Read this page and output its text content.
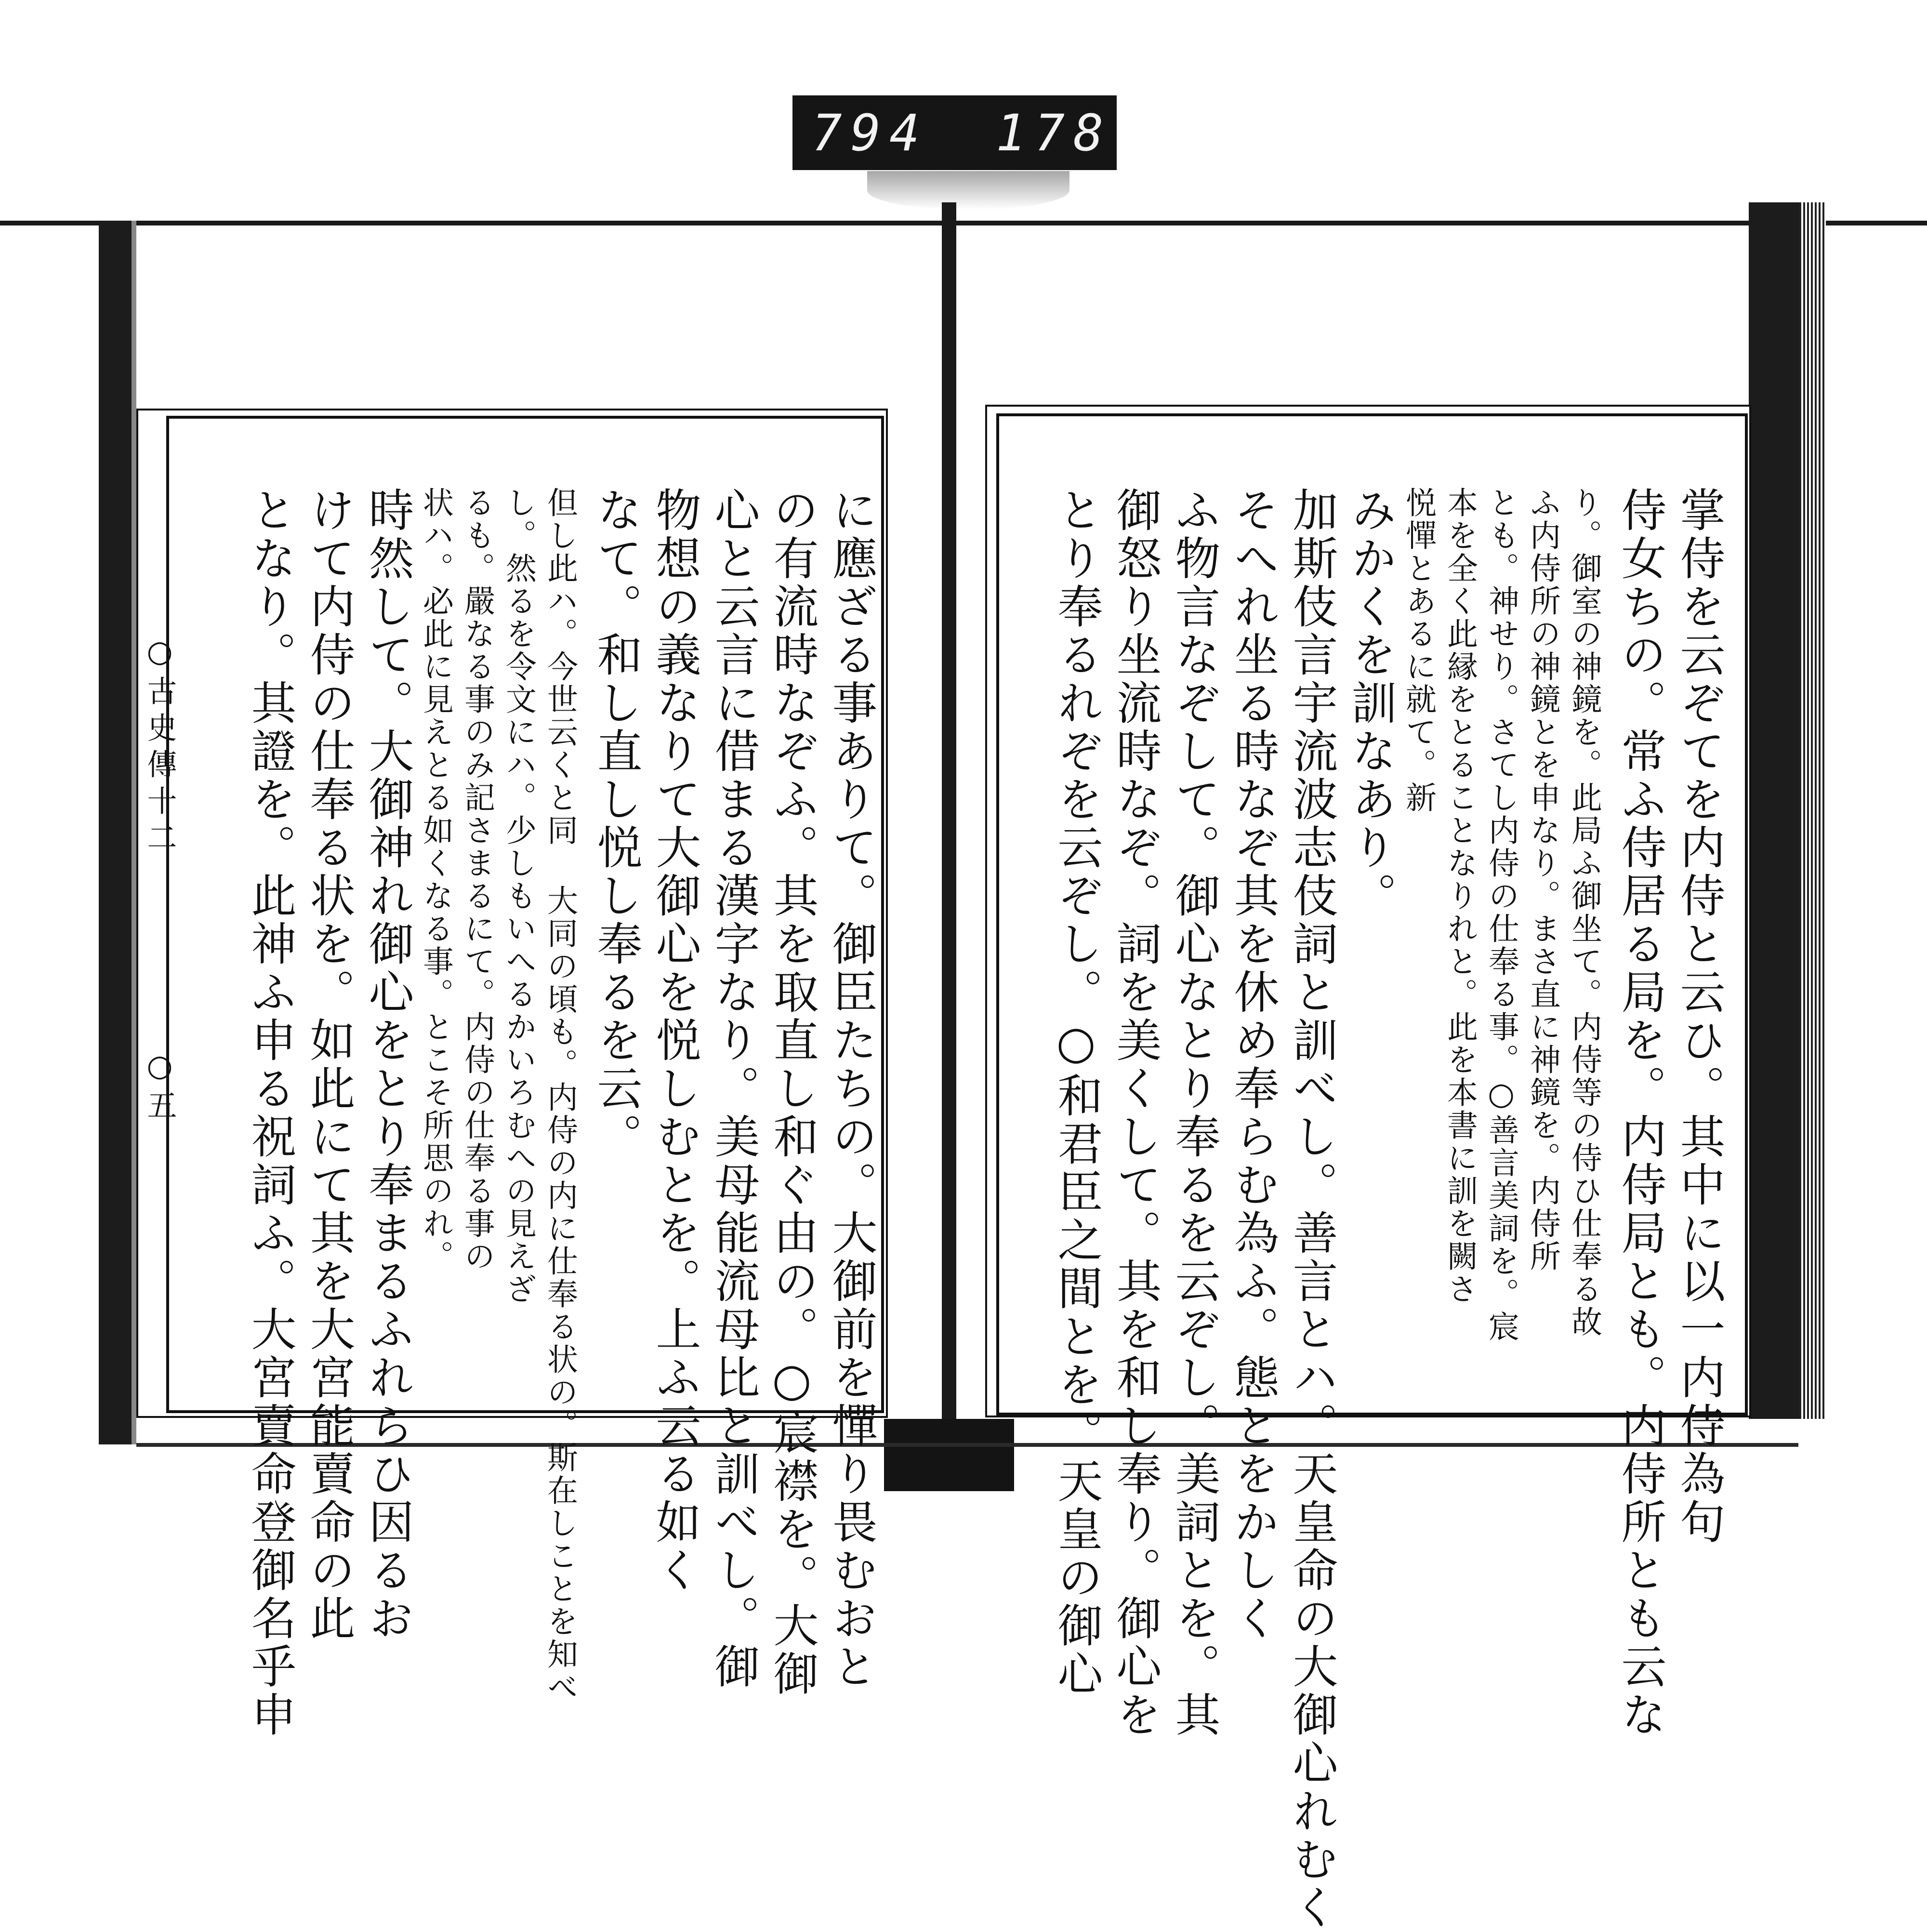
794 178
○古史傳十二
○五	に應ざる事ありて。御臣たちの。大御前を憚り畏むおと
の有流時なぞふ。其を取直し和ぐ由の。○宸襟を。大御
心と云言に借まる漢字なり。美母能流母比と訓べし。御
物想の義なりて大御心を悦しむとを。上ふ云る如く
なて。和し直し悦し奉るを云。
但し此ハ。今世云くと同 大同の頃も。内侍の内に仕奉る状の。斯在しことを知べ
し。然るを令文にハ。少しもいへるかいろむへの見えざ
るも。嚴なる事のみ記さまるにて。内侍の仕奉る事の
状ハ。必此に見えとる如くなる事。とこそ所思のれ。
時然して。大御神れ御心をとり奉まるふれらひ因るお
けて内侍の仕奉る状を。如此にて其を大宮能賣命の此
となり。其證を。此神ふ申る祝詞ふ。大宮賣命登御名乎申	掌侍を云ぞてを内侍と云ひ。其中に以一内侍為句
侍女ちの。常ふ侍居る局を。内侍局とも。内侍所とも云な
り。御室の神鏡を。此局ふ御坐て。内侍等の侍ひ仕奉る故
ふ内侍所の神鏡とを申なり。まさ直に神鏡を。内侍所
とも。神せり。さてし内侍の仕奉る事。○善言美詞を。宸
本を全く此縁をとることなりれと。此を本書に訓を闕さ
悦憚とあるに就て。新
みかくを訓なあり。
加斯伎言宇流波志伎詞と訓べし。善言とハ。天皇命の大御心れむく
そへれ坐る時なぞ其を休め奉らむ為ふ。態とをかしく
ふ物言なぞして。御心なとり奉るを云ぞし。美詞とを。其
御怒り坐流時なぞ。詞を美くして。其を和し奉り。御心を
とり奉るれぞを云ぞし。○和君臣之間とを。天皇の御心
